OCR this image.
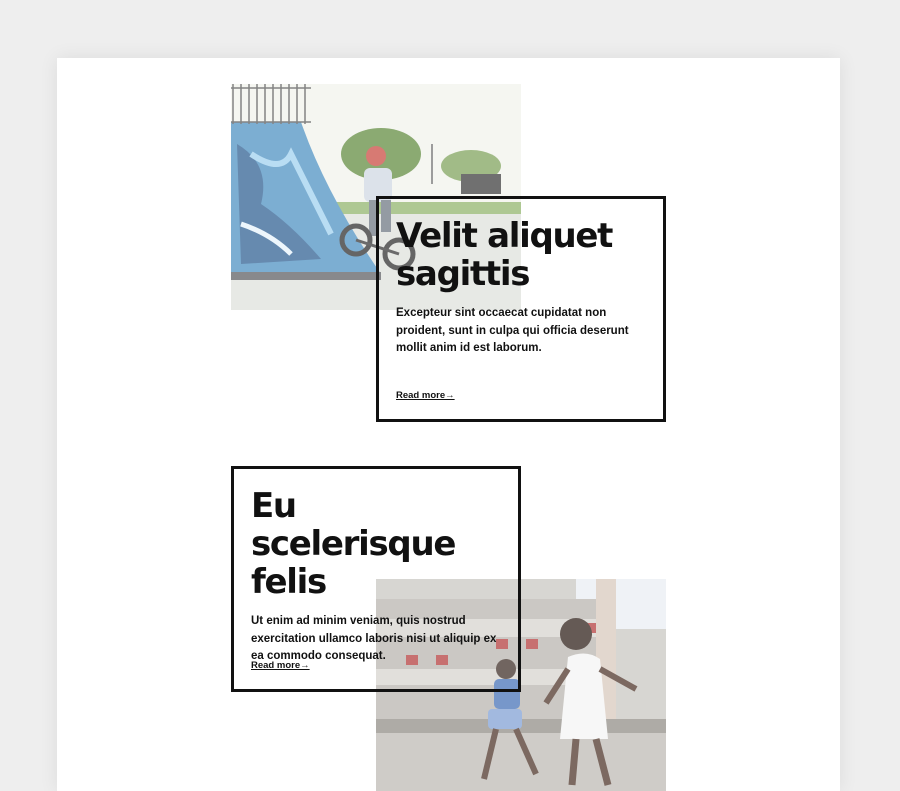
Velit aliquet sagittis

Excepteur sint occaecat cupidatat non proident, sunt in culpa qui officia deserunt mollit anim id est laborum.

Read more→
Eu scelerisque felis

Ut enim ad minim veniam, quis nostrud exercitation ullamco laboris nisi ut aliquip ex ea commodo consequat.

Read more→
